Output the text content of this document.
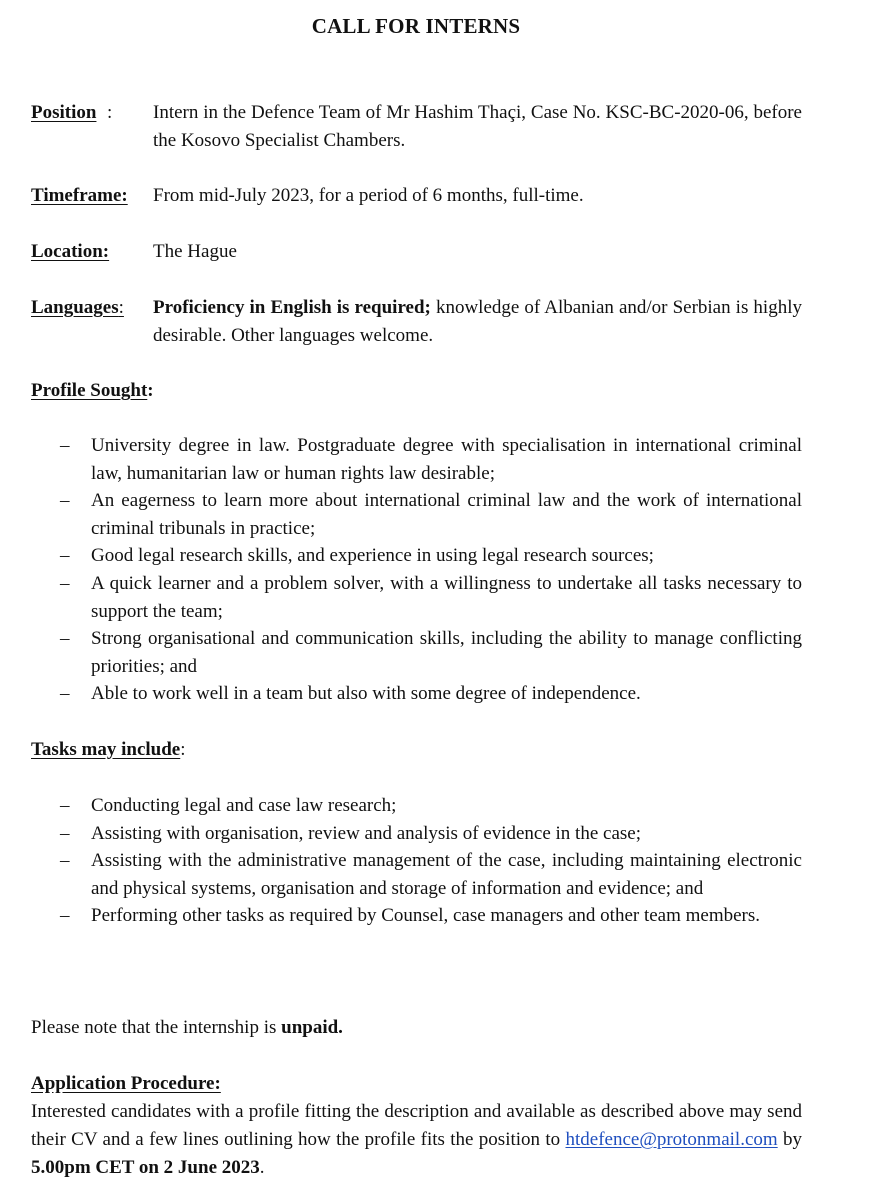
CALL FOR INTERNS
Position : Intern in the Defence Team of Mr Hashim Thaçi, Case No. KSC-BC-2020-06, before the Kosovo Specialist Chambers.
Timeframe: From mid-July 2023, for a period of 6 months, full-time.
Location: The Hague
Languages: Proficiency in English is required; knowledge of Albanian and/or Serbian is highly desirable. Other languages welcome.
Profile Sought:
– University degree in law. Postgraduate degree with specialisation in international criminal law, humanitarian law or human rights law desirable;
– An eagerness to learn more about international criminal law and the work of international criminal tribunals in practice;
– Good legal research skills, and experience in using legal research sources;
– A quick learner and a problem solver, with a willingness to undertake all tasks necessary to support the team;
– Strong organisational and communication skills, including the ability to manage conflicting priorities; and
– Able to work well in a team but also with some degree of independence.
Tasks may include:
– Conducting legal and case law research;
– Assisting with organisation, review and analysis of evidence in the case;
– Assisting with the administrative management of the case, including maintaining electronic and physical systems, organisation and storage of information and evidence; and
– Performing other tasks as required by Counsel, case managers and other team members.
Please note that the internship is unpaid.
Application Procedure:
Interested candidates with a profile fitting the description and available as described above may send their CV and a few lines outlining how the profile fits the position to htdefence@protonmail.com by 5.00pm CET on 2 June 2023.
